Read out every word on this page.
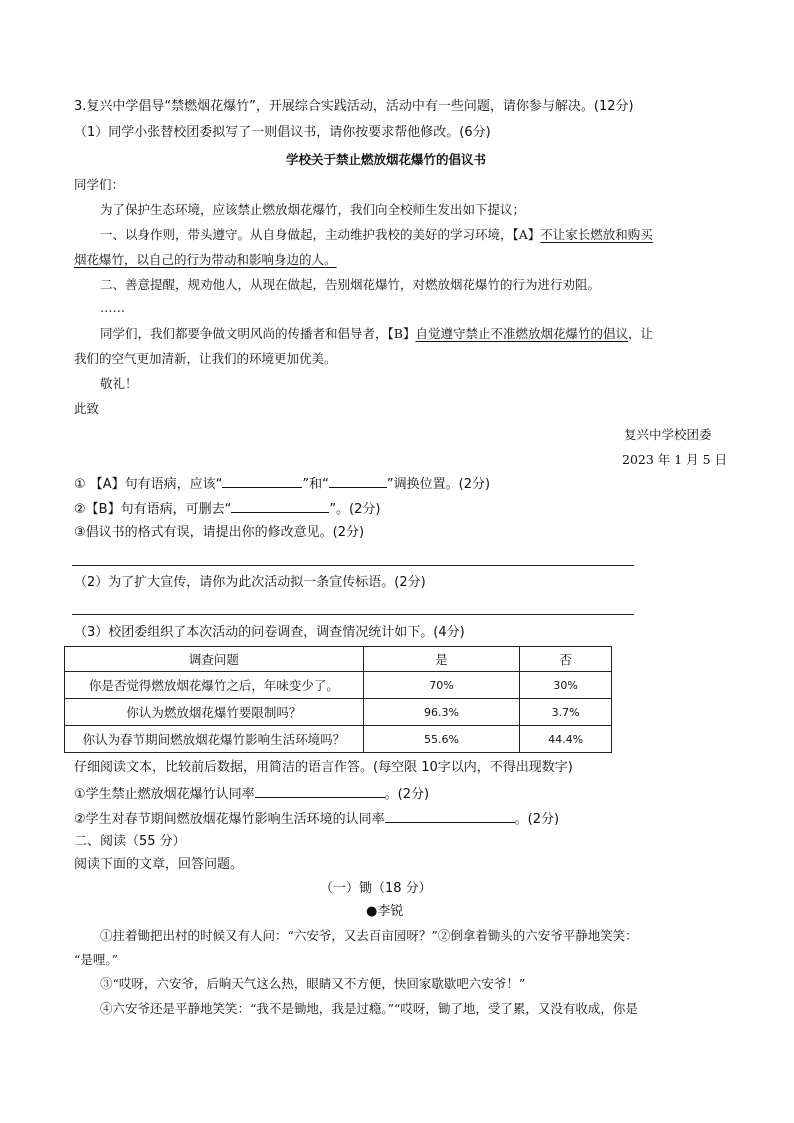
3.复兴中学倡导“禁燃烟花爆竹”，开展综合实践活动，活动中有一些问题，请你参与解决。(12分)
（1）同学小张替校团委拟写了一则倡议书，请你按要求帮他修改。(6分)
学校关于禁止燃放烟花爆竹的倡议书
同学们：
为了保护生态环境，应该禁止燃放烟花爆竹，我们向全校师生发出如下提议；
一、以身作则，带头遵守。从自身做起，主动维护我校的美好的学习环境，【A】不让家长燃放和购买
烟花爆竹，以自己的行为带动和影响身边的人。
二、善意提醒，规劝他人，从现在做起，告别烟花爆竹，对燃放烟花爆竹的行为进行劝阻。
……
同学们，我们都要争做文明风尚的传播者和倡导者，【B】自觉遵守禁止不准燃放烟花爆竹的倡议，让
我们的空气更加清新，让我们的环境更加优美。
敬礼！
此致
复兴中学校团委
2023 年 1 月 5 日
① 【A】句有语病，应该“	”和“	”调换位置。(2分)
②【B】句有语病，可删去“	”。(2分)
③倡议书的格式有误，请提出你的修改意见。(2分)
（2）为了扩大宣传，请你为此次活动拟一条宣传标语。(2分)
（3）校团委组织了本次活动的问卷调查，调查情况统计如下。(4分)
调查问题	是	否
你是否觉得燃放烟花爆竹之后，年味变少了。	70%	30%
你认为燃放烟花爆竹要限制吗？	96.3%	3.7%
你认为春节期间燃放烟花爆竹影响生活环境吗？	55.6%	44.4%
仔细阅读文本，比较前后数据，用简洁的语言作答。(每空限 10字以内，不得出现数字)
①学生禁止燃放烟花爆竹认同率	。(2分)
②学生对春节期间燃放烟花爆竹影响生活环境的认同率	。(2分)
二、阅读（55 分）
阅读下面的文章，回答问题。
（一）锄（18 分）
●李锐
①拄着锄把出村的时候又有人问：“六安爷，又去百亩园呀？”②倒拿着锄头的六安爷平静地笑笑：
“是哩。”
③“哎呀，六安爷，后晌天气这么热，眼睛又不方便，快回家歇歇吧六安爷！”
④六安爷还是平静地笑笑：“我不是锄地，我是过瘾。”“哎呀，锄了地，受了累，又没有收成，你是
